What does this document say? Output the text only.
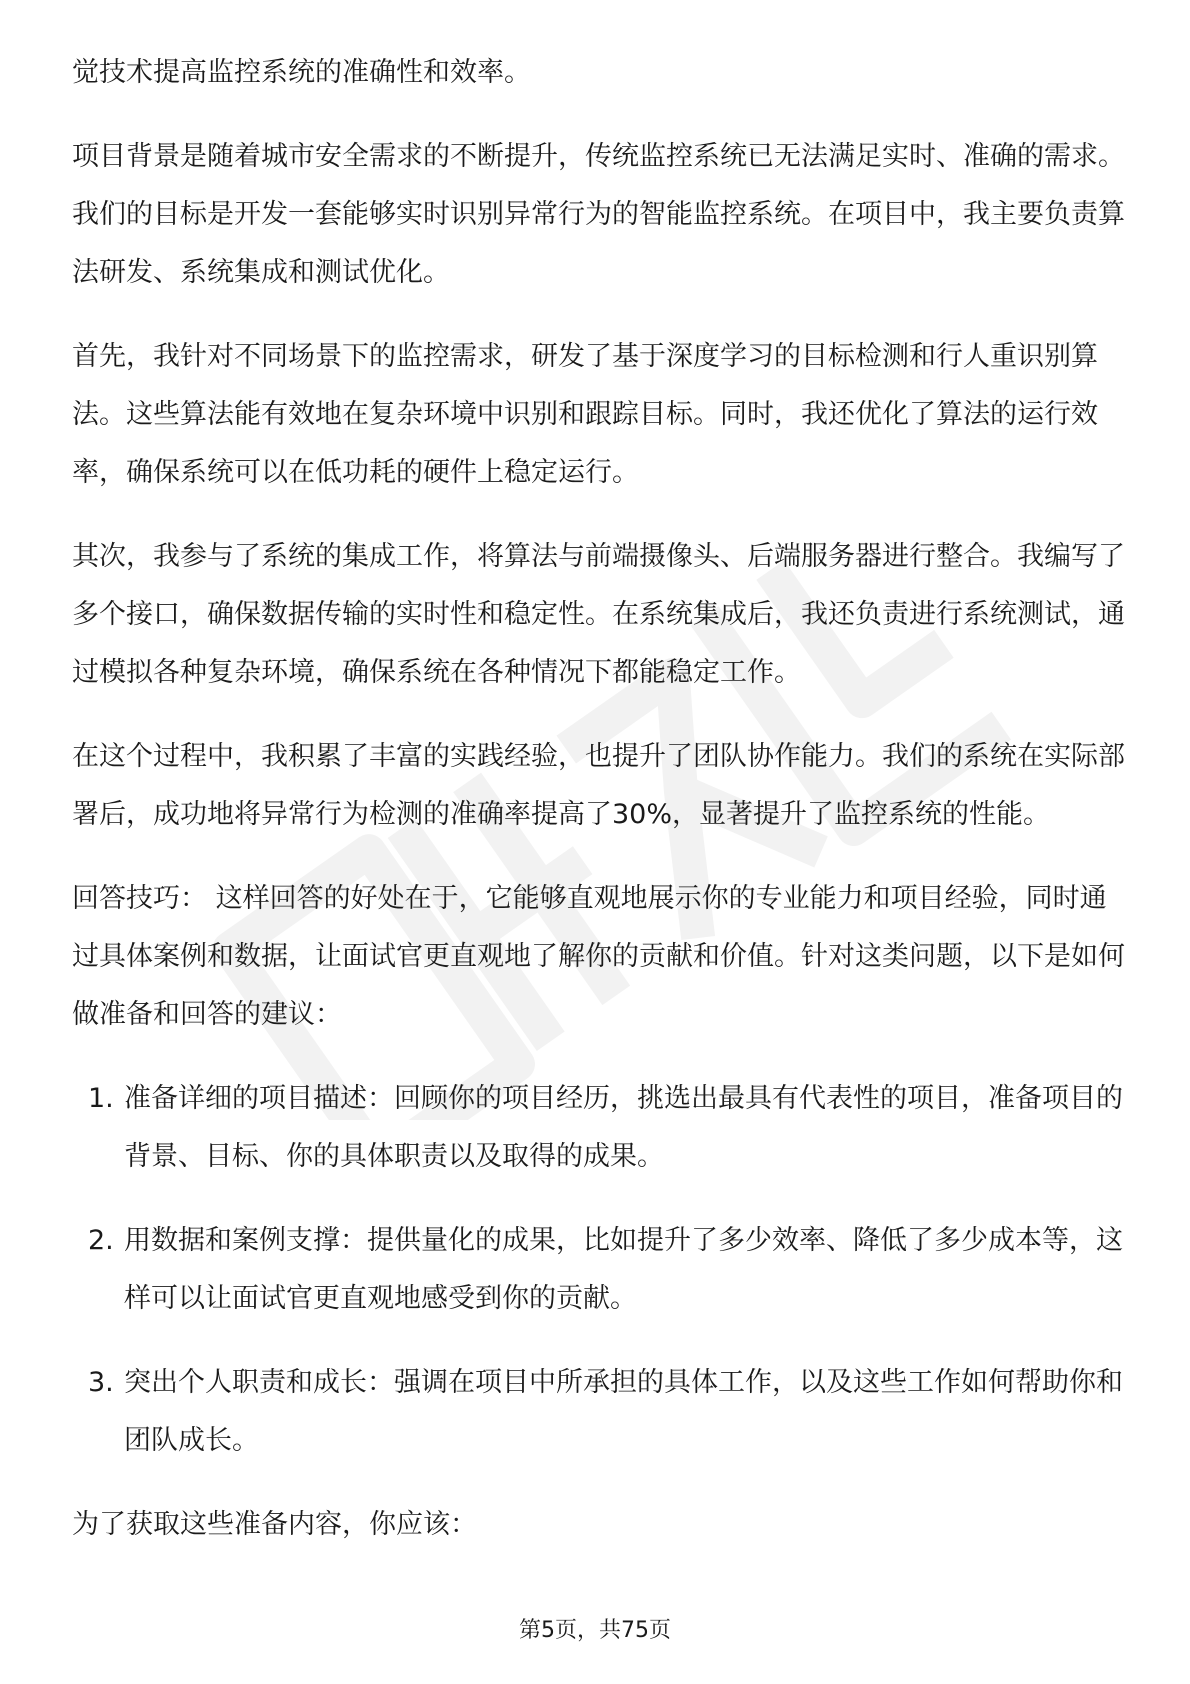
觉技术提高监控系统的准确性和效率。

项目背景是随着城市安全需求的不断提升，传统监控系统已无法满足实时、准确的需求。我们的目标是开发一套能够实时识别异常行为的智能监控系统。在项目中，我主要负责算法研发、系统集成和测试优化。

首先，我针对不同场景下的监控需求，研发了基于深度学习的目标检测和行人重识别算法。这些算法能有效地在复杂环境中识别和跟踪目标。同时，我还优化了算法的运行效率，确保系统可以在低功耗的硬件上稳定运行。

其次，我参与了系统的集成工作，将算法与前端摄像头、后端服务器进行整合。我编写了多个接口，确保数据传输的实时性和稳定性。在系统集成后，我还负责进行系统测试，通过模拟各种复杂环境，确保系统在各种情况下都能稳定工作。

在这个过程中，我积累了丰富的实践经验，也提升了团队协作能力。我们的系统在实际部署后，成功地将异常行为检测的准确率提高了30%，显著提升了监控系统的性能。

回答技巧： 这样回答的好处在于，它能够直观地展示你的专业能力和项目经验，同时通过具体案例和数据，让面试官更直观地了解你的贡献和价值。针对这类问题，以下是如何做准备和回答的建议：

1. 准备详细的项目描述：回顾你的项目经历，挑选出最具有代表性的项目，准备项目的背景、目标、你的具体职责以及取得的成果。
2. 用数据和案例支撑：提供量化的成果，比如提升了多少效率、降低了多少成本等，这样可以让面试官更直观地感受到你的贡献。
3. 突出个人职责和成长：强调在项目中所承担的具体工作，以及这些工作如何帮助你和团队成长。

为了获取这些准备内容，你应该：

第5页，共75页
